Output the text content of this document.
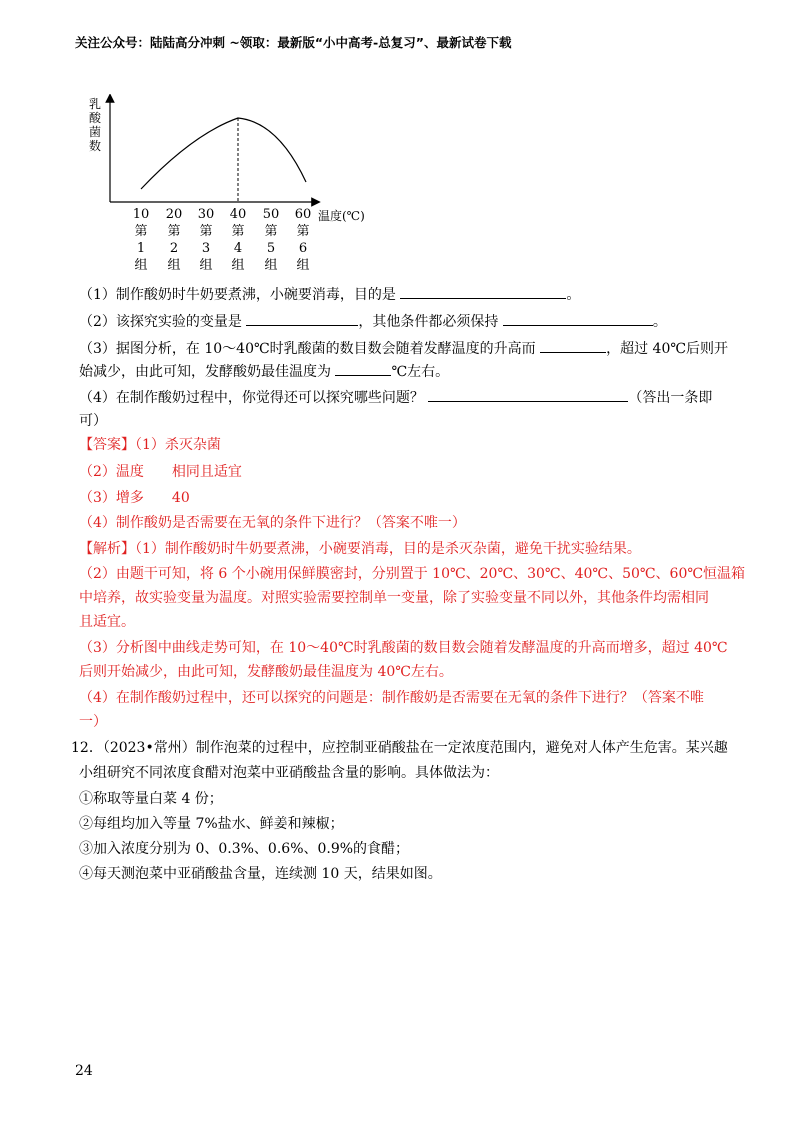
关注公众号：陆陆高分冲刺 ~领取：最新版“小中高考-总复习”、最新试卷下载
乳
酸
菌
数
温度(℃)
10 20 30 40 50 60
第 第 第 第 第 第
1 2 3 4 5 6
组 组 组 组 组 组
（1）制作酸奶时牛奶要煮沸，小碗要消毒，目的是	。
（2）该探究实验的变量是	，其他条件都必须保持	。
（3）据图分析，在 10～40℃时乳酸菌的数目数会随着发酵温度的升高而	，超过 40℃后则开
始减少，由此可知，发酵酸奶最佳温度为	℃左右。
（4）在制作酸奶过程中，你觉得还可以探究哪些问题？	（答出一条即
可）
【答案】（1）杀灭杂菌
（2）温度　　相同且适宜
（3）增多　　40
（4）制作酸奶是否需要在无氧的条件下进行？（答案不唯一）
【解析】（1）制作酸奶时牛奶要煮沸，小碗要消毒，目的是杀灭杂菌，避免干扰实验结果。
（2）由题干可知，将 6 个小碗用保鲜膜密封，分别置于 10℃、20℃、30℃、40℃、50℃、60℃恒温箱
中培养，故实验变量为温度。对照实验需要控制单一变量，除了实验变量不同以外，其他条件均需相同
且适宜。
（3）分析图中曲线走势可知，在 10～40℃时乳酸菌的数目数会随着发酵温度的升高而增多，超过 40℃
后则开始减少，由此可知，发酵酸奶最佳温度为 40℃左右。
（4）在制作酸奶过程中，还可以探究的问题是：制作酸奶是否需要在无氧的条件下进行？（答案不唯
一）
12．（2023•常州）制作泡菜的过程中，应控制亚硝酸盐在一定浓度范围内，避免对人体产生危害。某兴趣
小组研究不同浓度食醋对泡菜中亚硝酸盐含量的影响。具体做法为：
①称取等量白菜 4 份；
②每组均加入等量 7%盐水、鲜姜和辣椒；
③加入浓度分别为 0、0.3%、0.6%、0.9%的食醋；
④每天测泡菜中亚硝酸盐含量，连续测 10 天，结果如图。
24
